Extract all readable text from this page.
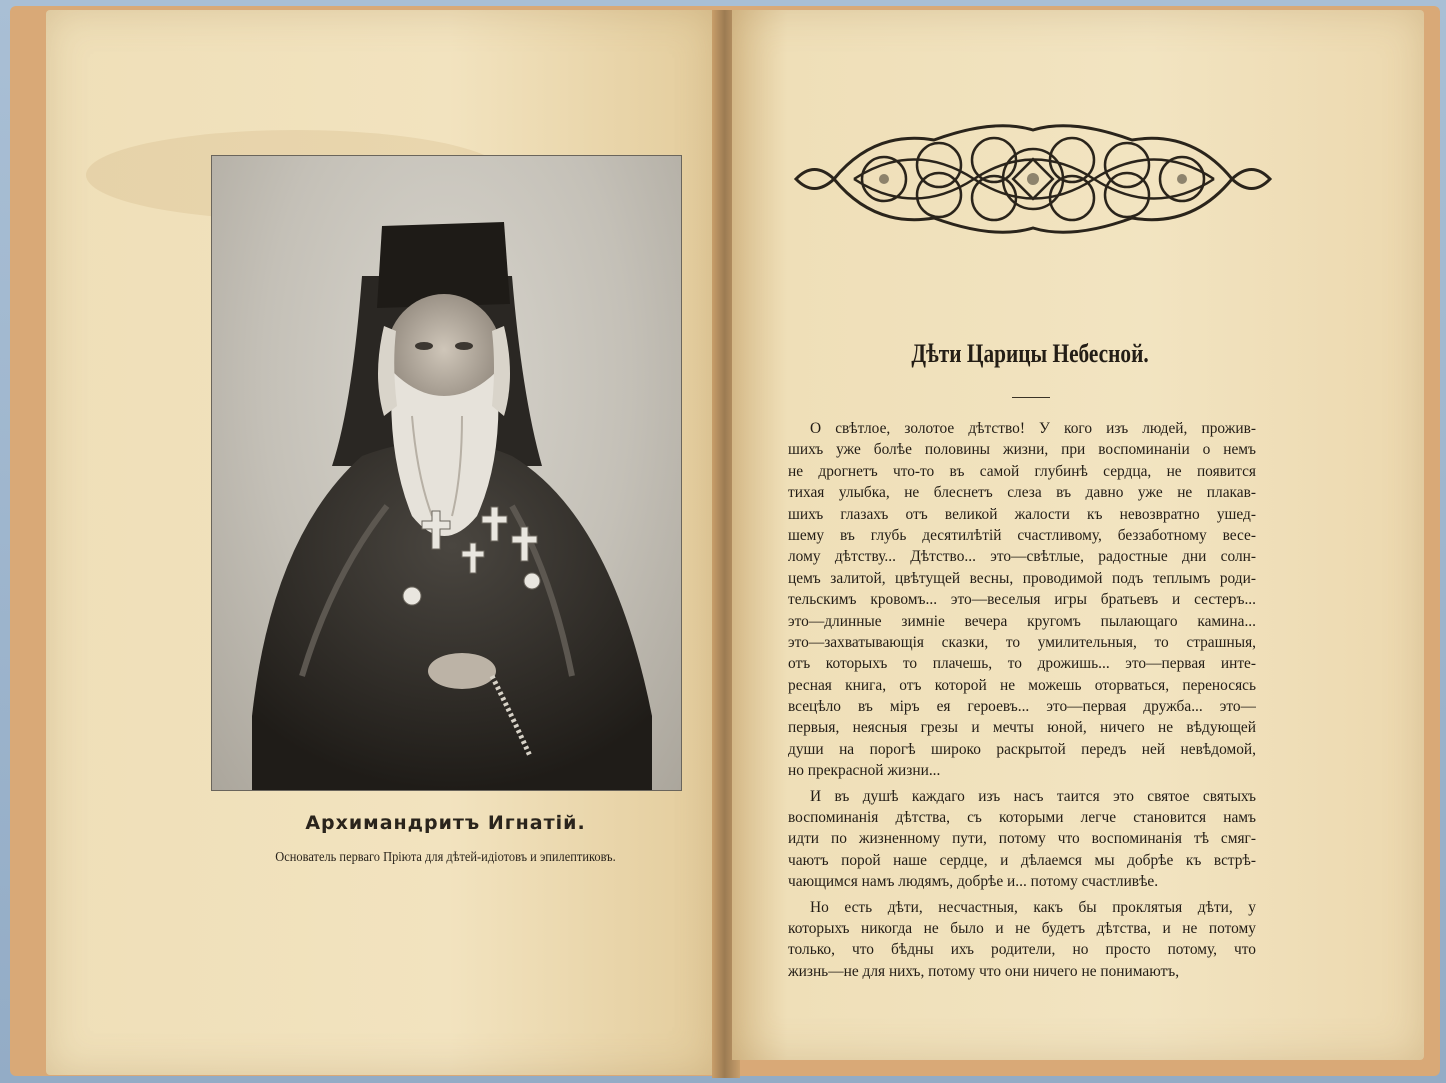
Архимандритъ Игнатій.
Основатель перваго Пріюта для дѣтей-идіотовъ и эпилептиковъ.
Дѣти Царицы Небесной.
О свѣтлое, золотое дѣтство! У кого изъ людей, прожив-
шихъ уже болѣе половины жизни, при воспоминаніи о немъ
не дрогнетъ что-то въ самой глубинѣ сердца, не появится
тихая улыбка, не блеснетъ слеза въ давно уже не плакав-
шихъ глазахъ отъ великой жалости къ невозвратно ушед-
шему въ глубь десятилѣтій счастливому, беззаботному весе-
лому дѣтству... Дѣтство... это—свѣтлые, радостные дни солн-
цемъ залитой, цвѣтущей весны, проводимой подъ теплымъ роди-
тельскимъ кровомъ... это—веселыя игры братьевъ и сестеръ...
это—длинные зимніе вечера кругомъ пылающаго камина...
это—захватывающія сказки, то умилительныя, то страшныя,
отъ которыхъ то плачешь, то дрожишь... это—первая инте-
ресная книга, отъ которой не можешь оторваться, переносясь
всецѣло въ міръ ея героевъ... это—первая дружба... это—
первыя, неясныя грезы и мечты юной, ничего не вѣдующей
души на порогѣ широко раскрытой передъ ней невѣдомой,
но прекрасной жизни...
И въ душѣ каждаго изъ насъ таится это святое святыхъ
воспоминанія дѣтства, съ которыми легче становится намъ
идти по жизненному пути, потому что воспоминанія тѣ смяг-
чаютъ порой наше сердце, и дѣлаемся мы добрѣе къ встрѣ-
чающимся намъ людямъ, добрѣе и... потому счастливѣе.
Но есть дѣти, несчастныя, какъ бы проклятыя дѣти, у
которыхъ никогда не было и не будетъ дѣтства, и не потому
только, что бѣдны ихъ родители, но просто потому, что
жизнь—не для нихъ, потому что они ничего не понимаютъ,
